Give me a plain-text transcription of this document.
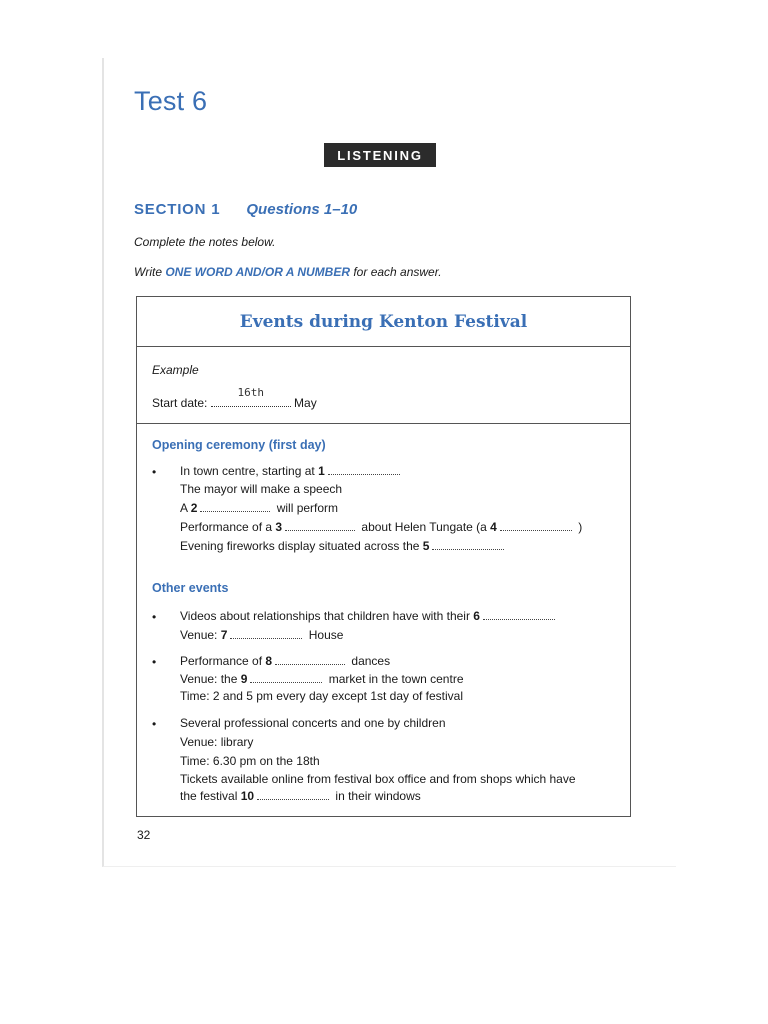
Test 6
LISTENING
SECTION 1 Questions 1–10
Complete the notes below.
Write ONE WORD AND/OR A NUMBER for each answer.
Events during Kenton Festival
Example
Start date:
16th
May
Opening ceremony (first day)
• In town centre, starting at 1
The mayor will make a speech
A 2	will perform
Performance of a 3	about Helen Tungate (a 4	)
Evening fireworks display situated across the 5
Other events
• Videos about relationships that children have with their 6
Venue: 7	House
• Performance of 8	dances
Venue: the 9	market in the town centre
Time: 2 and 5 pm every day except 1st day of festival
• Several professional concerts and one by children
Venue: library
Time: 6.30 pm on the 18th
Tickets available online from festival box office and from shops which have
the festival 10	in their windows
32
